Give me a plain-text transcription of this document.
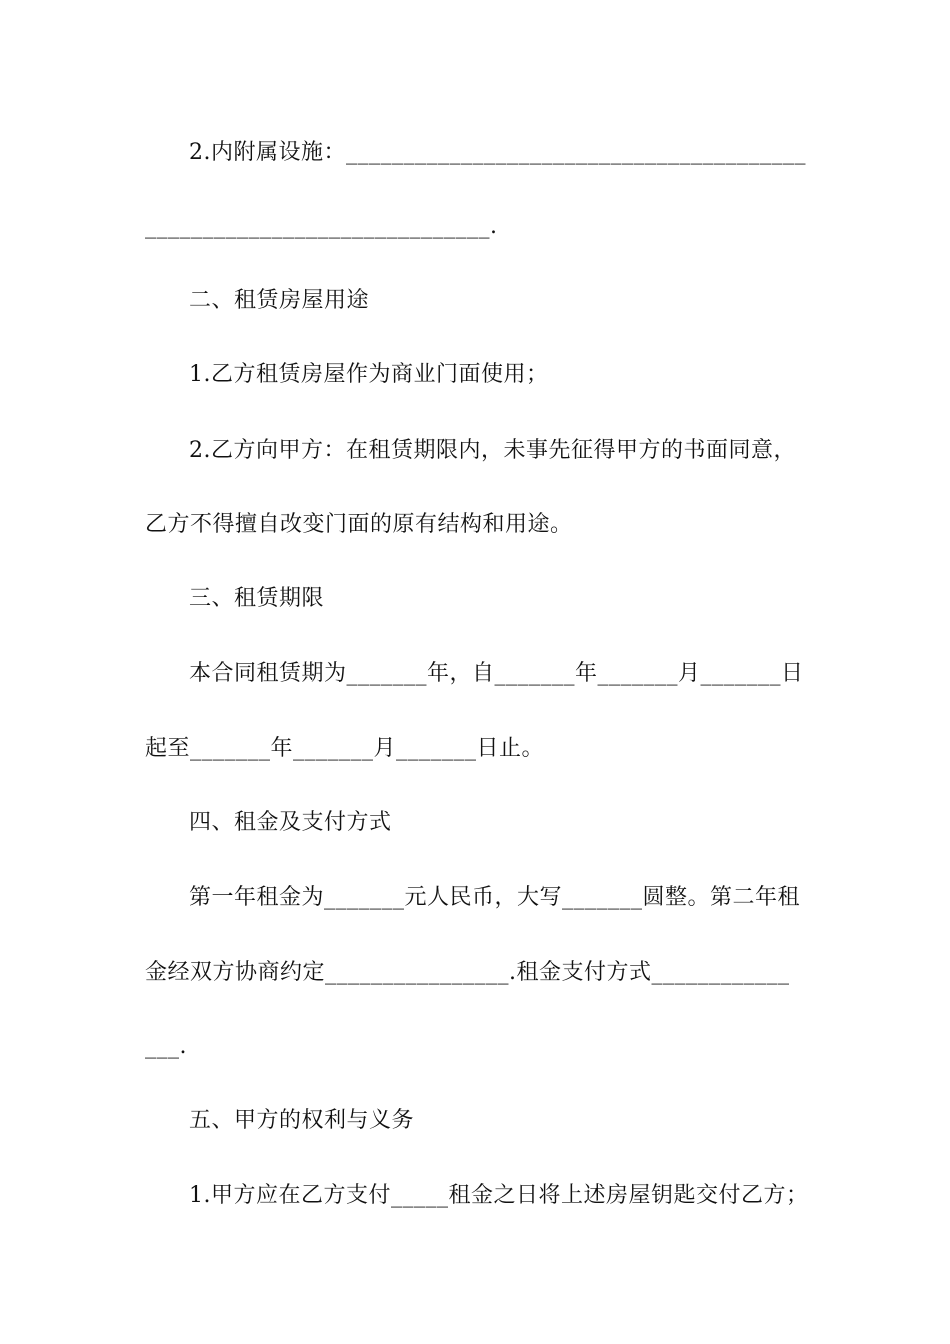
2.内附属设施：________________________________________
______________________________.
二、租赁房屋用途
1.乙方租赁房屋作为商业门面使用；
2.乙方向甲方：在租赁期限内，未事先征得甲方的书面同意，
乙方不得擅自改变门面的原有结构和用途。
三、租赁期限
本合同租赁期为_______年，自_______年_______月_______日
起至_______年_______月_______日止。
四、租金及支付方式
第一年租金为_______元人民币，大写_______圆整。第二年租
金经双方协商约定________________.租金支付方式____________
___.
五、甲方的权利与义务
1.甲方应在乙方支付_____租金之日将上述房屋钥匙交付乙方；
